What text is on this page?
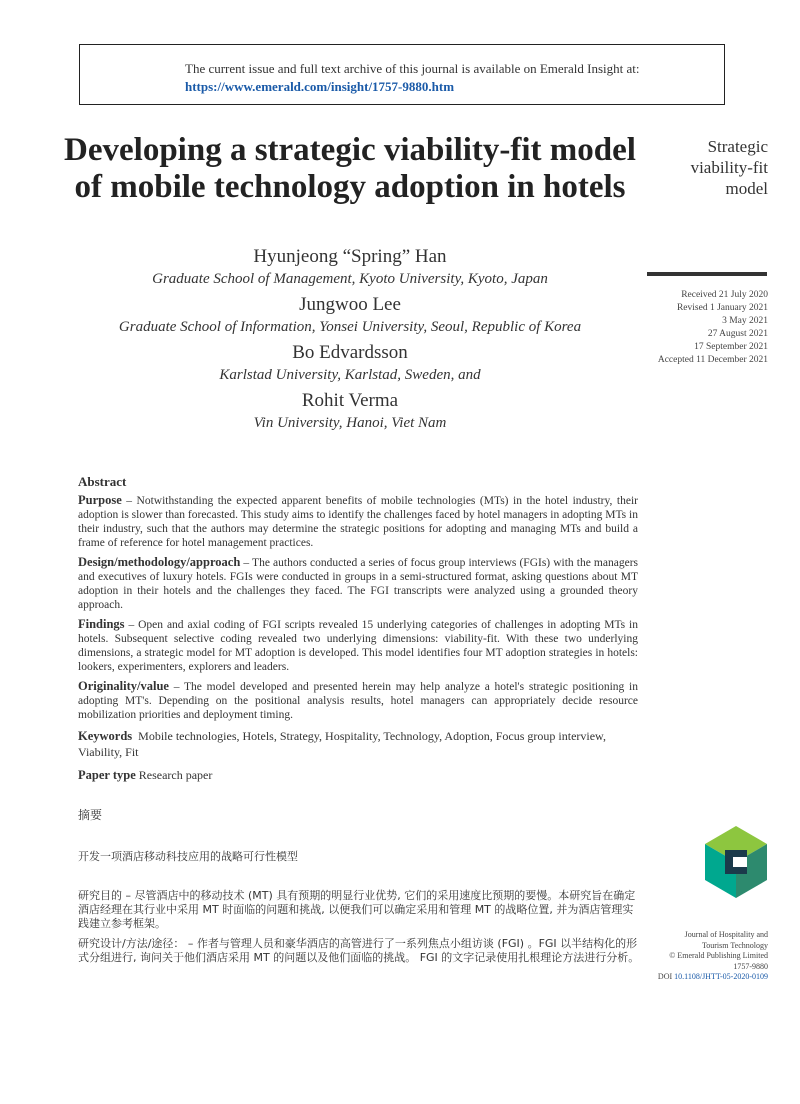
The current issue and full text archive of this journal is available on Emerald Insight at:
https://www.emerald.com/insight/1757-9880.htm
Developing a strategic viability-fit model of mobile technology adoption in hotels
Hyunjeong “Spring” Han
Graduate School of Management, Kyoto University, Kyoto, Japan
Jungwoo Lee
Graduate School of Information, Yonsei University, Seoul, Republic of Korea
Bo Edvardsson
Karlstad University, Karlstad, Sweden, and
Rohit Verma
Vin University, Hanoi, Viet Nam
Strategic
viability-fit
model
Received 21 July 2020
Revised 1 January 2021
3 May 2021
27 August 2021
17 September 2021
Accepted 11 December 2021
Abstract

Purpose – Notwithstanding the expected apparent benefits of mobile technologies (MTs) in the hotel industry, their adoption is slower than forecasted. This study aims to identify the challenges faced by hotel managers in adopting MTs in their industry, such that the authors may determine the strategic positions for adopting and managing MTs and build a frame of reference for hotel management practices.

Design/methodology/approach – The authors conducted a series of focus group interviews (FGIs) with the managers and executives of luxury hotels. FGIs were conducted in groups in a semi-structured format, asking questions about MT adoption in their hotels and the challenges they faced. The FGI transcripts were analyzed using a grounded theory approach.

Findings – Open and axial coding of FGI scripts revealed 15 underlying categories of challenges in adopting MTs in hotels. Subsequent selective coding revealed two underlying dimensions: viability-fit. With these two underlying dimensions, a strategic model for MT adoption is developed. This model identifies four MT adoption strategies in hotels: lookers, experimenters, explorers and leaders.

Originality/value – The model developed and presented herein may help analyze a hotel's strategic positioning in adopting MT's. Depending on the positional analysis results, hotel managers can appropriately decide resource mobilization priorities and deployment timing.

Keywords Mobile technologies, Hotels, Strategy, Hospitality, Technology, Adoption, Focus group interview, Viability, Fit
Paper type Research paper
摘要
开发一项酒店移动科技应用的战略可行性模型

研究目的 – 尽管酒店中的移动技术 (MT) 具有预期的明显行业优势, 它们的采用速度比预期的要慢。本研究旨在确定酒店经理在其行业中采用 MT 时面临的问题和挑战, 以便我们可以确定采用和管理 MT 的战略位置, 并为酒店管理实践建立参考框架。

研究设计/方法/途径： – 作者与管理人员和豪华酒店的高管进行了一系列焦点小组访谈 (FGI) 。FGI 以半结构化的形式分组进行, 询问关于他们酒店采用 MT 的问题以及他们面临的挑战。 FGI 的文字记录使用扎根理论方法进行分析。

Journal of Hospitality and
Tourism Technology
© Emerald Publishing Limited
1757-9880
DOI 10.1108/JHTT-05-2020-0109
